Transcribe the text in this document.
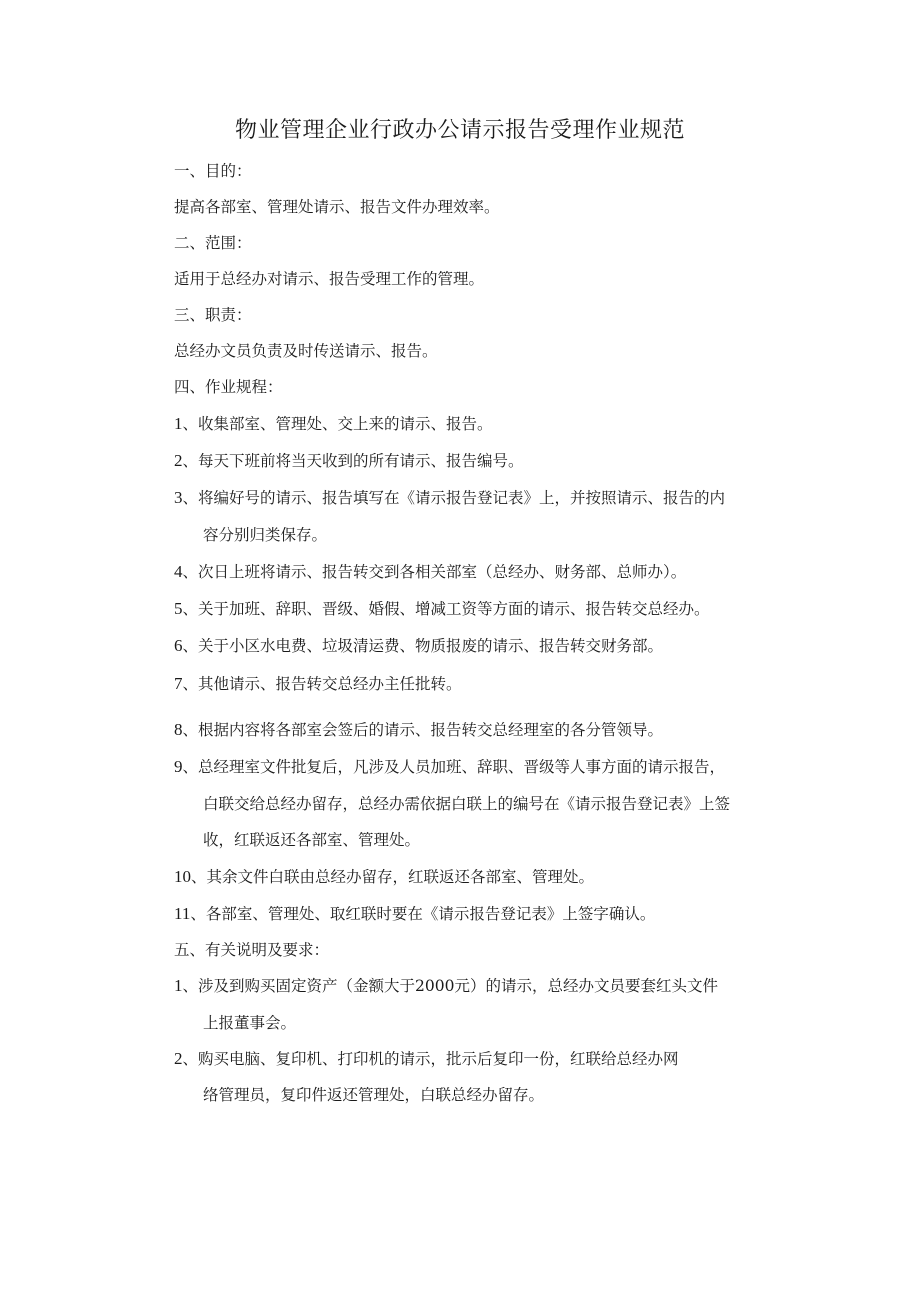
物业管理企业行政办公请示报告受理作业规范
一、目的：
提高各部室、管理处请示、报告文件办理效率。
二、范围：
适用于总经办对请示、报告受理工作的管理。
三、职责：
总经办文员负责及时传送请示、报告。
四、作业规程：
1、收集部室、管理处、交上来的请示、报告。
2、每天下班前将当天收到的所有请示、报告编号。
3、将编好号的请示、报告填写在《请示报告登记表》上，并按照请示、报告的内
容分别归类保存。
4、次日上班将请示、报告转交到各相关部室（总经办、财务部、总师办）。
5、关于加班、辞职、晋级、婚假、增减工资等方面的请示、报告转交总经办。
6、关于小区水电费、垃圾清运费、物质报废的请示、报告转交财务部。
7、其他请示、报告转交总经办主任批转。
8、根据内容将各部室会签后的请示、报告转交总经理室的各分管领导。
9、总经理室文件批复后，凡涉及人员加班、辞职、晋级等人事方面的请示报告，
白联交给总经办留存，总经办需依据白联上的编号在《请示报告登记表》上签
收，红联返还各部室、管理处。
10、其余文件白联由总经办留存，红联返还各部室、管理处。
11、各部室、管理处、取红联时要在《请示报告登记表》上签字确认。
五、有关说明及要求：
1、涉及到购买固定资产（金额大于2000元）的请示，总经办文员要套红头文件
上报董事会。
2、购买电脑、复印机、打印机的请示，批示后复印一份，红联给总经办网
络管理员，复印件返还管理处，白联总经办留存。
